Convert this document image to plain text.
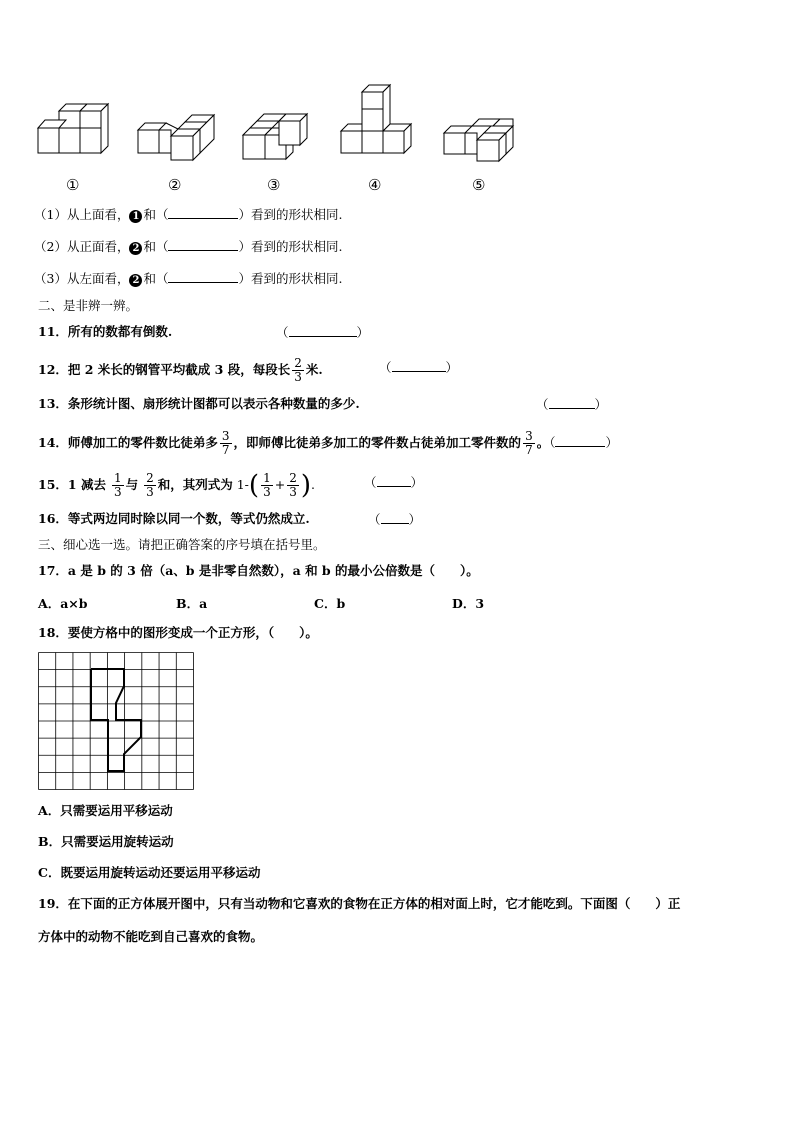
①	②	③	④	⑤
（1）从上面看， 1 和（	）看到的形状相同.
（2）从正面看， 2 和（	）看到的形状相同.
（3）从左面看， 2 和（	）看到的形状相同.
二、是非辨一辨。
11．所有的数都有倒数.	（	）
12．把 2 米长的钢管平均截成 3 段，每段长 $\frac{2}{3}$ 米.	（	）
13．条形统计图、扇形统计图都可以表示各种数量的多少.	（	）
14．师傅加工的零件数比徒弟多 $\frac{3}{7}$ ，即师傅比徒弟多加工的零件数占徒弟加工零件数的 $\frac{3}{7}$ 。（	）
15．1 减去 $\frac{1}{3}$ 与 $\frac{2}{3}$ 和，其列式为 $1-( \frac{1}{3} + \frac{2}{3}$ ).	（	）
16．等式两边同时除以同一个数，等式仍然成立.	（ ）
三、细心选一选。请把正确答案的序号填在括号里。
17．a 是 b 的 3 倍（a、b 是非零自然数），a 和 b 的最小公倍数是（　　）。
A．a×b	B．a	C．b	D．3
18．要使方格中的图形变成一个正方形，（　　）。
A．只需要运用平移运动
B．只需要运用旋转运动
C．既要运用旋转运动还要运用平移运动
19．在下面的正方体展开图中，只有当动物和它喜欢的食物在正方体的相对面上时，它才能吃到。下面图（　　）正
方体中的动物不能吃到自己喜欢的食物。
